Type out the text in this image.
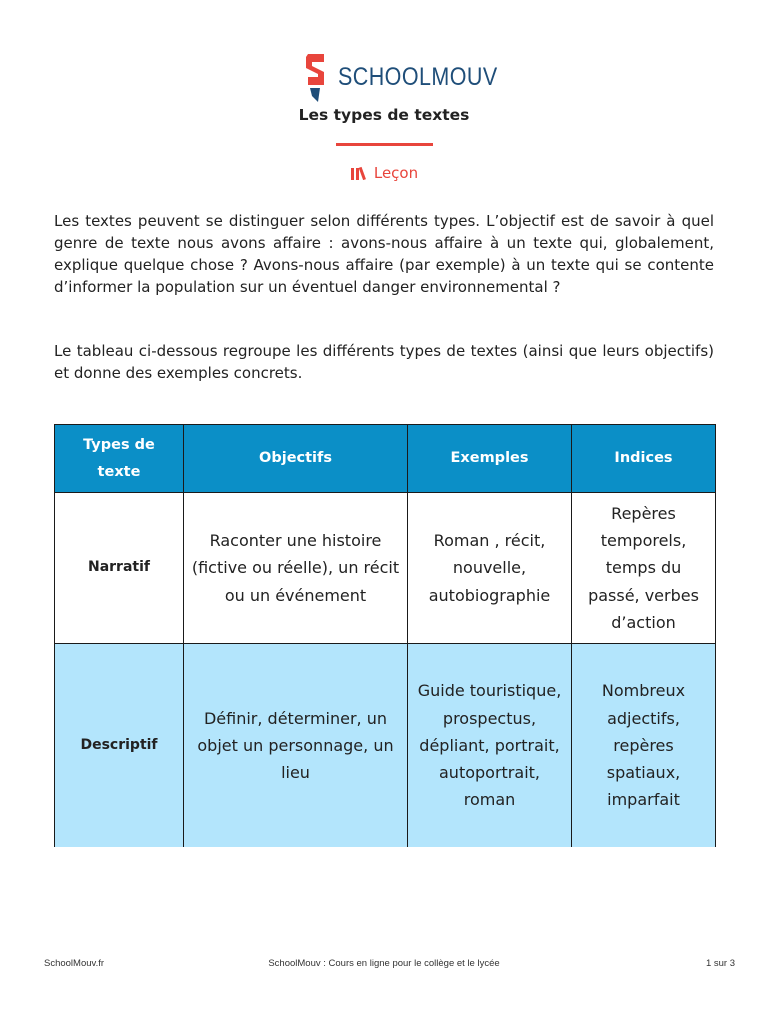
SCHOOLMOUV
Les types de textes
Leçon

Les textes peuvent se distinguer selon différents types. L’objectif est de savoir à quel genre de texte nous avons affaire : avons-nous affaire à un texte qui, globalement, explique quelque chose ? Avons-nous affaire (par exemple) à un texte qui se contente d’informer la population sur un éventuel danger environnemental ?

Le tableau ci-dessous regroupe les différents types de textes (ainsi que leurs objectifs) et donne des exemples concrets.

Types de texte	Objectifs	Exemples	Indices
Narratif	Raconter une histoire (fictive ou réelle), un récit ou un événement	Roman , récit, nouvelle, autobiographie	Repères temporels, temps du passé, verbes d’action
Descriptif	Définir, déterminer, un objet un personnage, un lieu	Guide touristique, prospectus, dépliant, portrait, autoportrait, roman	Nombreux adjectifs, repères spatiaux, imparfait
SchoolMouv.fr	SchoolMouv : Cours en ligne pour le collège et le lycée	1 sur 3
